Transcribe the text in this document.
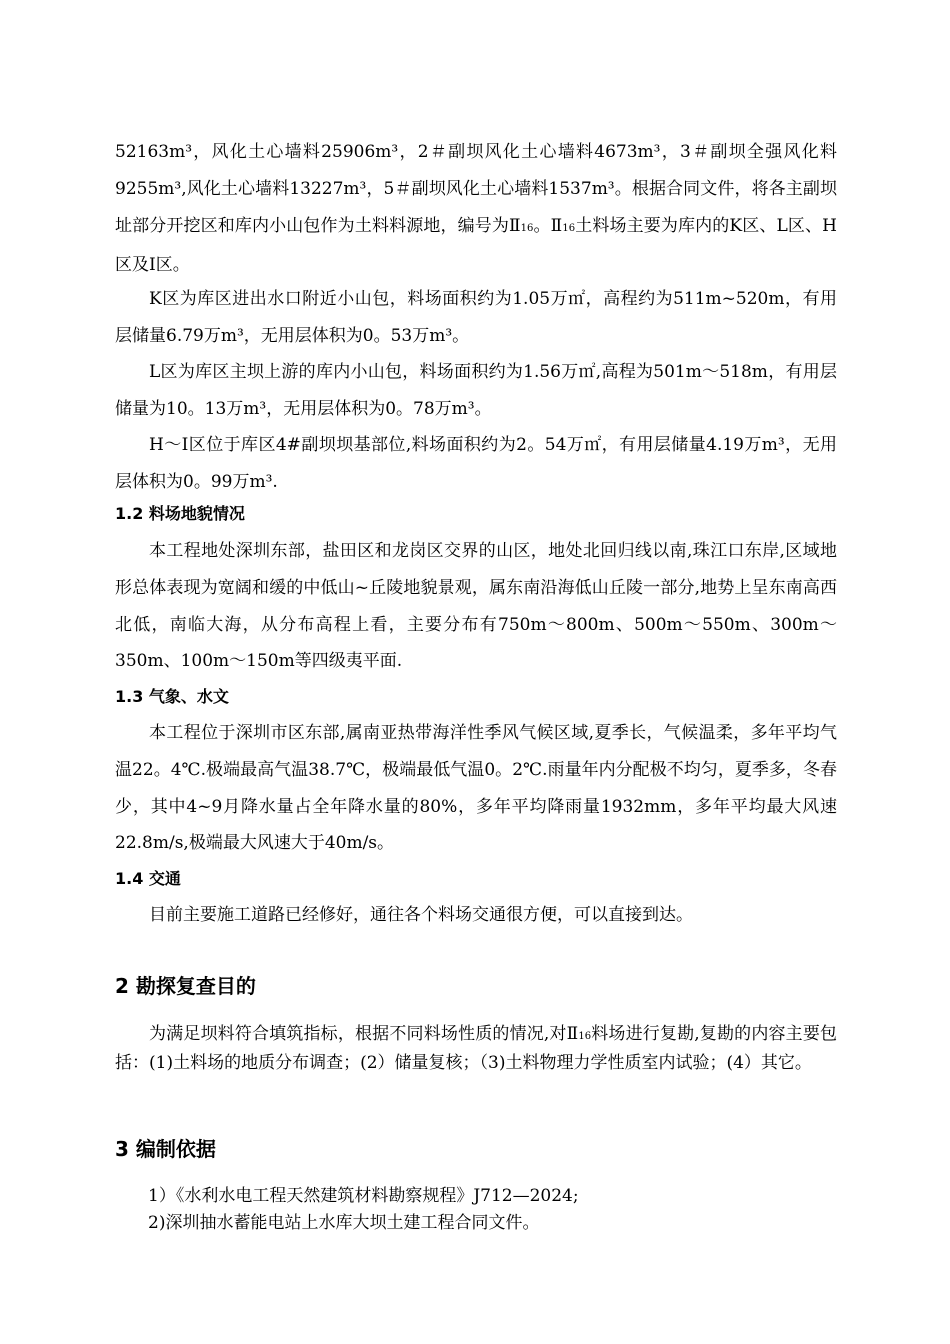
52163m³，风化土心墙料25906m³，2＃副坝风化土心墙料4673m³，3＃副坝全强风化料9255m³,风化土心墙料13227m³，5＃副坝风化土心墙料1537m³。根据合同文件，将各主副坝址部分开挖区和库内小山包作为土料料源地，编号为Ⅱ16。Ⅱ16土料场主要为库内的K区、L区、H区及I区。

K区为库区进出水口附近小山包，料场面积约为1.05万㎡，高程约为511m~520m，有用层储量6.79万m³，无用层体积为0。53万m³。

L区为库区主坝上游的库内小山包，料场面积约为1.56万㎡,高程为501m～518m，有用层储量为10。13万m³，无用层体积为0。78万m³。

H～I区位于库区4#副坝坝基部位,料场面积约为2。54万㎡，有用层储量4.19万m³，无用层体积为0。99万m³.

1.2 料场地貌情况

本工程地处深圳东部，盐田区和龙岗区交界的山区，地处北回归线以南,珠江口东岸,区域地形总体表现为宽阔和缓的中低山~丘陵地貌景观，属东南沿海低山丘陵一部分,地势上呈东南高西北低，南临大海，从分布高程上看，主要分布有750m～800m、500m～550m、300m～350m、100m～150m等四级夷平面.

1.3 气象、水文

本工程位于深圳市区东部,属南亚热带海洋性季风气候区域,夏季长，气候温柔，多年平均气温22。4℃.极端最高气温38.7℃，极端最低气温0。2℃.雨量年内分配极不均匀，夏季多，冬春少，其中4~9月降水量占全年降水量的80%，多年平均降雨量1932mm，多年平均最大风速22.8m/s,极端最大风速大于40m/s。

1.4 交通

目前主要施工道路已经修好，通往各个料场交通很方便，可以直接到达。

2 勘探复查目的

为满足坝料符合填筑指标，根据不同料场性质的情况,对Ⅱ16料场进行复勘,复勘的内容主要包括：(1)土料场的地质分布调查；(2）储量复核；（3)土料物理力学性质室内试验；(4）其它。

3 编制依据

1）《水利水电工程天然建筑材料勘察规程》J712—2024;

2)深圳抽水蓄能电站上水库大坝土建工程合同文件。
